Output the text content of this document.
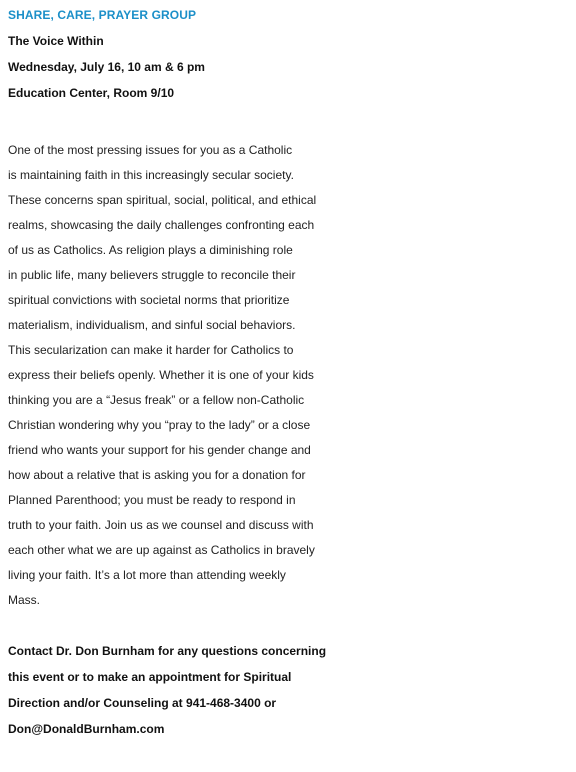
SHARE, CARE, PRAYER GROUP
The Voice Within
Wednesday, July 16, 10 am & 6 pm
Education Center, Room 9/10
One of the most pressing issues for you as a Catholic
is maintaining faith in this increasingly secular society.
These concerns span spiritual, social, political, and ethical
realms, showcasing the daily challenges confronting each
of us as Catholics. As religion plays a diminishing role
in public life, many believers struggle to reconcile their
spiritual convictions with societal norms that prioritize
materialism, individualism, and sinful social behaviors.
This secularization can make it harder for Catholics to
express their beliefs openly. Whether it is one of your kids
thinking you are a “Jesus freak” or a fellow non-Catholic
Christian wondering why you “pray to the lady” or a close
friend who wants your support for his gender change and
how about a relative that is asking you for a donation for
Planned Parenthood; you must be ready to respond in
truth to your faith. Join us as we counsel and discuss with
each other what we are up against as Catholics in bravely
living your faith. It’s a lot more than attending weekly
Mass.
Contact Dr. Don Burnham for any questions concerning
this event or to make an appointment for Spiritual
Direction and/or Counseling at 941-468-3400 or
Don@DonaldBurnham.com
